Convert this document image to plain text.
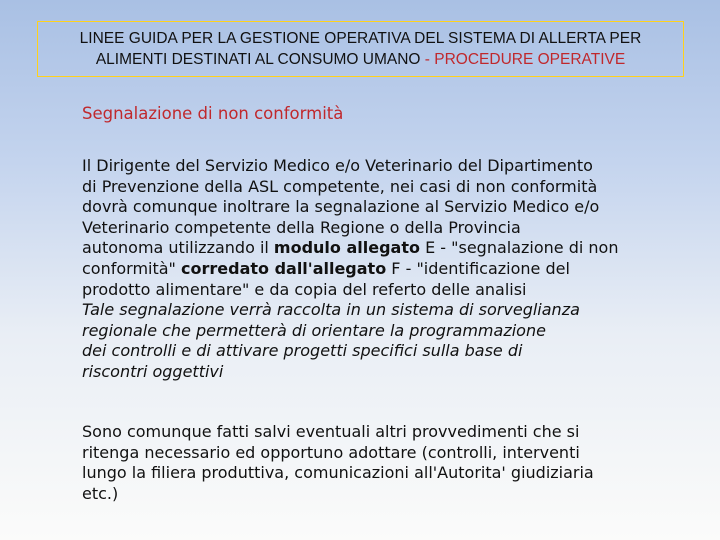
LINEE GUIDA PER LA GESTIONE OPERATIVA DEL SISTEMA DI ALLERTA PER
ALIMENTI DESTINATI AL CONSUMO UMANO - PROCEDURE OPERATIVE
Segnalazione di non conformità
Il Dirigente del Servizio Medico e/o Veterinario del Dipartimento
di Prevenzione della ASL competente, nei casi di non conformità
dovrà comunque inoltrare la segnalazione al Servizio Medico e/o
Veterinario competente della Regione o della Provincia
autonoma utilizzando il modulo allegato E - "segnalazione di non
conformità" corredato dall'allegato F - "identificazione del
prodotto alimentare" e da copia del referto delle analisi
Tale segnalazione verrà raccolta in un sistema di sorveglianza
regionale che permetterà di orientare la programmazione
dei controlli e di attivare progetti specifici sulla base di
riscontri oggettivi
Sono comunque fatti salvi eventuali altri provvedimenti che si
ritenga necessario ed opportuno adottare (controlli, interventi
lungo la filiera produttiva, comunicazioni all'Autorita' giudiziaria
etc.)
